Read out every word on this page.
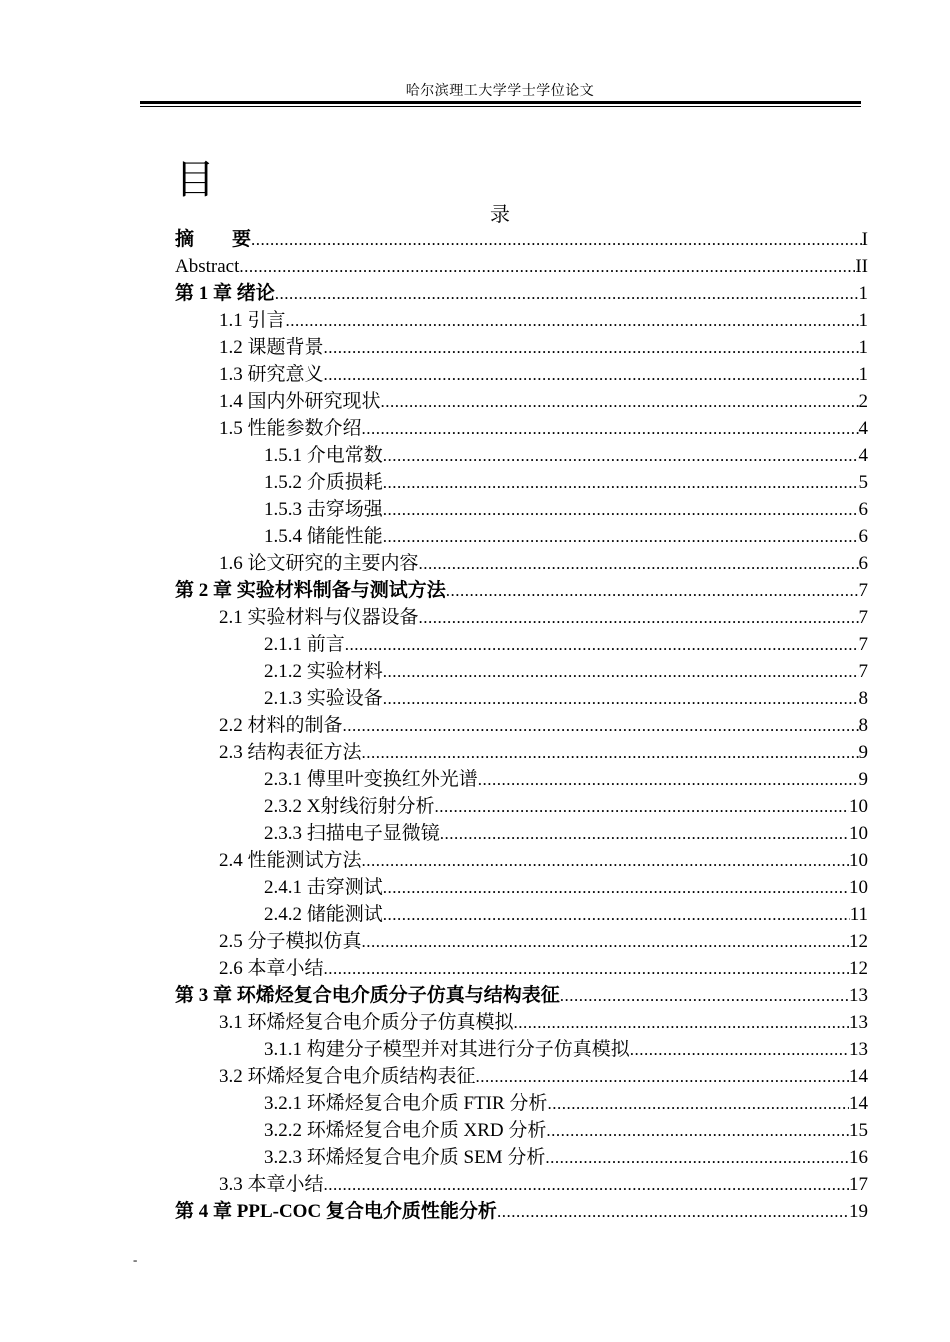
哈尔滨理工大学学士学位论文
目
录
摘　　要 .....	I
Abstract .....	II
第 1 章 绪论 .....	1
1.1 引言 .....	1
1.2 课题背景 .....	1
1.3 研究意义 .....	1
1.4 国内外研究现状 .....	2
1.5 性能参数介绍 .....	4
1.5.1 介电常数 .....	4
1.5.2 介质损耗 .....	5
1.5.3 击穿场强 .....	6
1.5.4 储能性能 .....	6
1.6 论文研究的主要内容 .....	6
第 2 章 实验材料制备与测试方法 .....	7
2.1 实验材料与仪器设备 .....	7
2.1.1 前言 .....	7
2.1.2 实验材料 .....	7
2.1.3 实验设备 .....	8
2.2 材料的制备 .....	8
2.3 结构表征方法 .....	9
2.3.1 傅里叶变换红外光谱 .....	9
2.3.2 X射线衍射分析 .....	10
2.3.3 扫描电子显微镜 .....	10
2.4 性能测试方法 .....	10
2.4.1 击穿测试 .....	10
2.4.2 储能测试 .....	11
2.5 分子模拟仿真 .....	12
2.6 本章小结 .....	12
第 3 章 环烯烃复合电介质分子仿真与结构表征 .....	13
3.1 环烯烃复合电介质分子仿真模拟 .....	13
3.1.1 构建分子模型并对其进行分子仿真模拟 .....	13
3.2 环烯烃复合电介质结构表征 .....	14
3.2.1 环烯烃复合电介质 FTIR 分析 .....	14
3.2.2 环烯烃复合电介质 XRD 分析 .....	15
3.2.3 环烯烃复合电介质 SEM 分析 .....	16
3.3 本章小结 .....	17
第 4 章 PPL-COC 复合电介质性能分析 .....	19
-
